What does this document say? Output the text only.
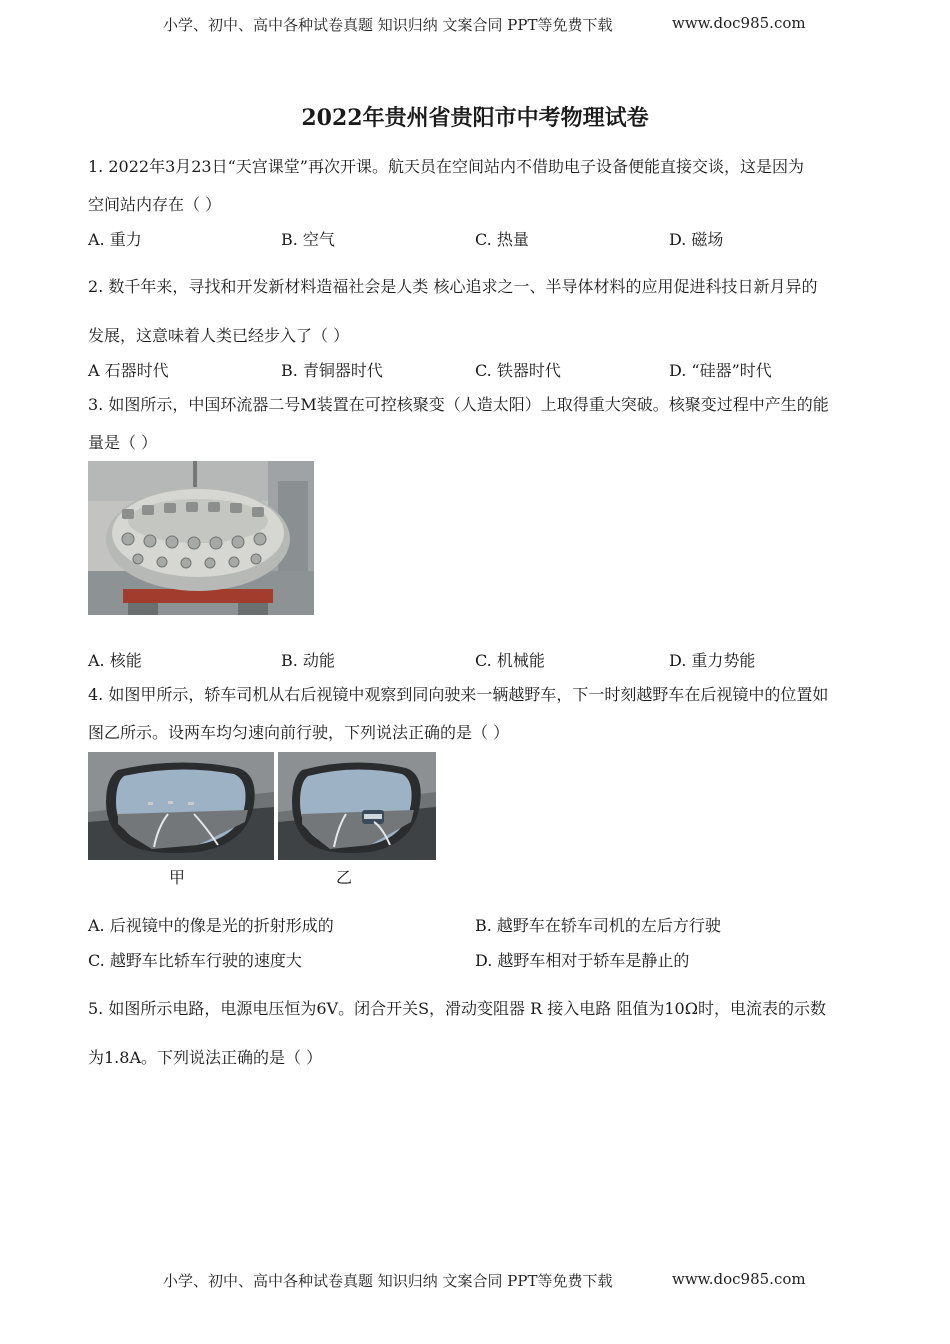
小学、初中、高中各种试卷真题 知识归纳 文案合同 PPT等免费下载	www.doc985.com
2022年贵州省贵阳市中考物理试卷
1. 2022年3月23日“天宫课堂”再次开课。航天员在空间站内不借助电子设备便能直接交谈，这是因为
空间站内存在（ ）
A. 重力	B. 空气	C. 热量	D. 磁场
2. 数千年来，寻找和开发新材料造福社会是人类 核心追求之一、半导体材料的应用促进科技日新月异的
发展，这意味着人类已经步入了（ ）
A 石器时代	B. 青铜器时代	C. 铁器时代	D. “硅器”时代
3. 如图所示，中国环流器二号M装置在可控核聚变（人造太阳）上取得重大突破。核聚变过程中产生的能
量是（ ）
A. 核能	B. 动能	C. 机械能	D. 重力势能
4. 如图甲所示，轿车司机从右后视镜中观察到同向驶来一辆越野车，下一时刻越野车在后视镜中的位置如
图乙所示。设两车均匀速向前行驶，下列说法正确的是（ ）
甲	乙
A. 后视镜中的像是光的折射形成的	B. 越野车在轿车司机的左后方行驶
C. 越野车比轿车行驶的速度大	D. 越野车相对于轿车是静止的
5. 如图所示电路，电源电压恒为6V。闭合开关S，滑动变阻器 R 接入电路 阻值为10Ω时，电流表的示数
为1.8A。下列说法正确的是（ ）
小学、初中、高中各种试卷真题 知识归纳 文案合同 PPT等免费下载	www.doc985.com
